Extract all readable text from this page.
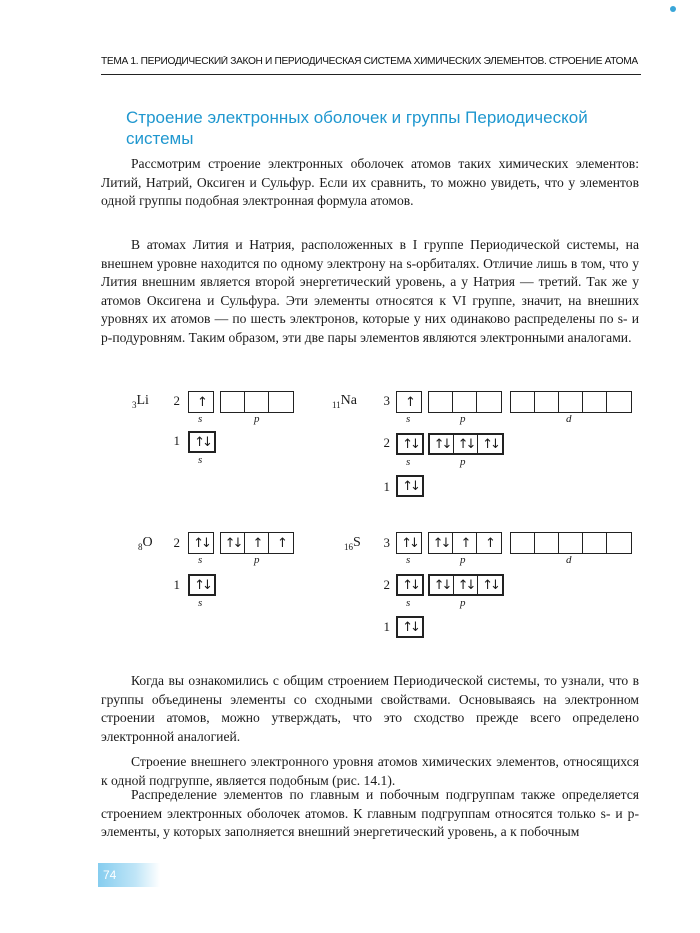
ТЕМА 1. ПЕРИОДИЧЕСКИЙ ЗАКОН И ПЕРИОДИЧЕСКАЯ СИСТЕМА ХИМИЧЕСКИХ ЭЛЕМЕНТОВ. СТРОЕНИЕ АТОМА
Строение электронных оболочек и группы Периодической системы

Рассмотрим строение электронных оболочек атомов таких химических элементов: Литий, Натрий, Оксиген и Сульфур. Если их сравнить, то можно увидеть, что у элементов одной группы подобная электронная формула атомов.

В атомах Лития и Натрия, расположенных в I группе Периодической системы, на внешнем уровне находится по одному электрону на s-орбиталях. Отличие лишь в том, что у Лития внешним является второй энергетический уровень, а у Натрия — третий. Так же у атомов Оксигена и Сульфура. Эти элементы относятся к VI группе, значит, на внешних уровнях их атомов — по шесть электронов, которые у них одинаково распределены по s- и p-подуровням. Таким образом, эти две пары элементов являются электронными аналогами.

$_3$Li	2	↑
s	p
1	↑↓
s
$_{11}$Na	3	↑
s	p	d
2 ↑↓	↑↓ ↑↓ ↑↓
s	p
1 ↑↓
$_8$O	2	↑↓	↑↓ ↑	↑
s	p
1	↑↓
s
$_{16}$S	3 ↑↓	↑↓ ↑	↑
s	p	d
2 ↑↓	↑↓ ↑↓ ↑↓
s	p
1 ↑↓

Когда вы ознакомились с общим строением Периодической системы, то узнали, что в группы объединены элементы со сходными свойствами. Основываясь на электронном строении атомов, можно утверждать, что это сходство прежде всего определено электронной аналогией.

Строение внешнего электронного уровня атомов химических элементов, относящихся к одной подгруппе, является подобным (рис. 14.1).

Распределение элементов по главным и побочным подгруппам также определяется строением электронных оболочек атомов. К главным подгруппам относятся только s- и p-элементы, у которых заполняется внешний энергетический уровень, а к побочным

74
